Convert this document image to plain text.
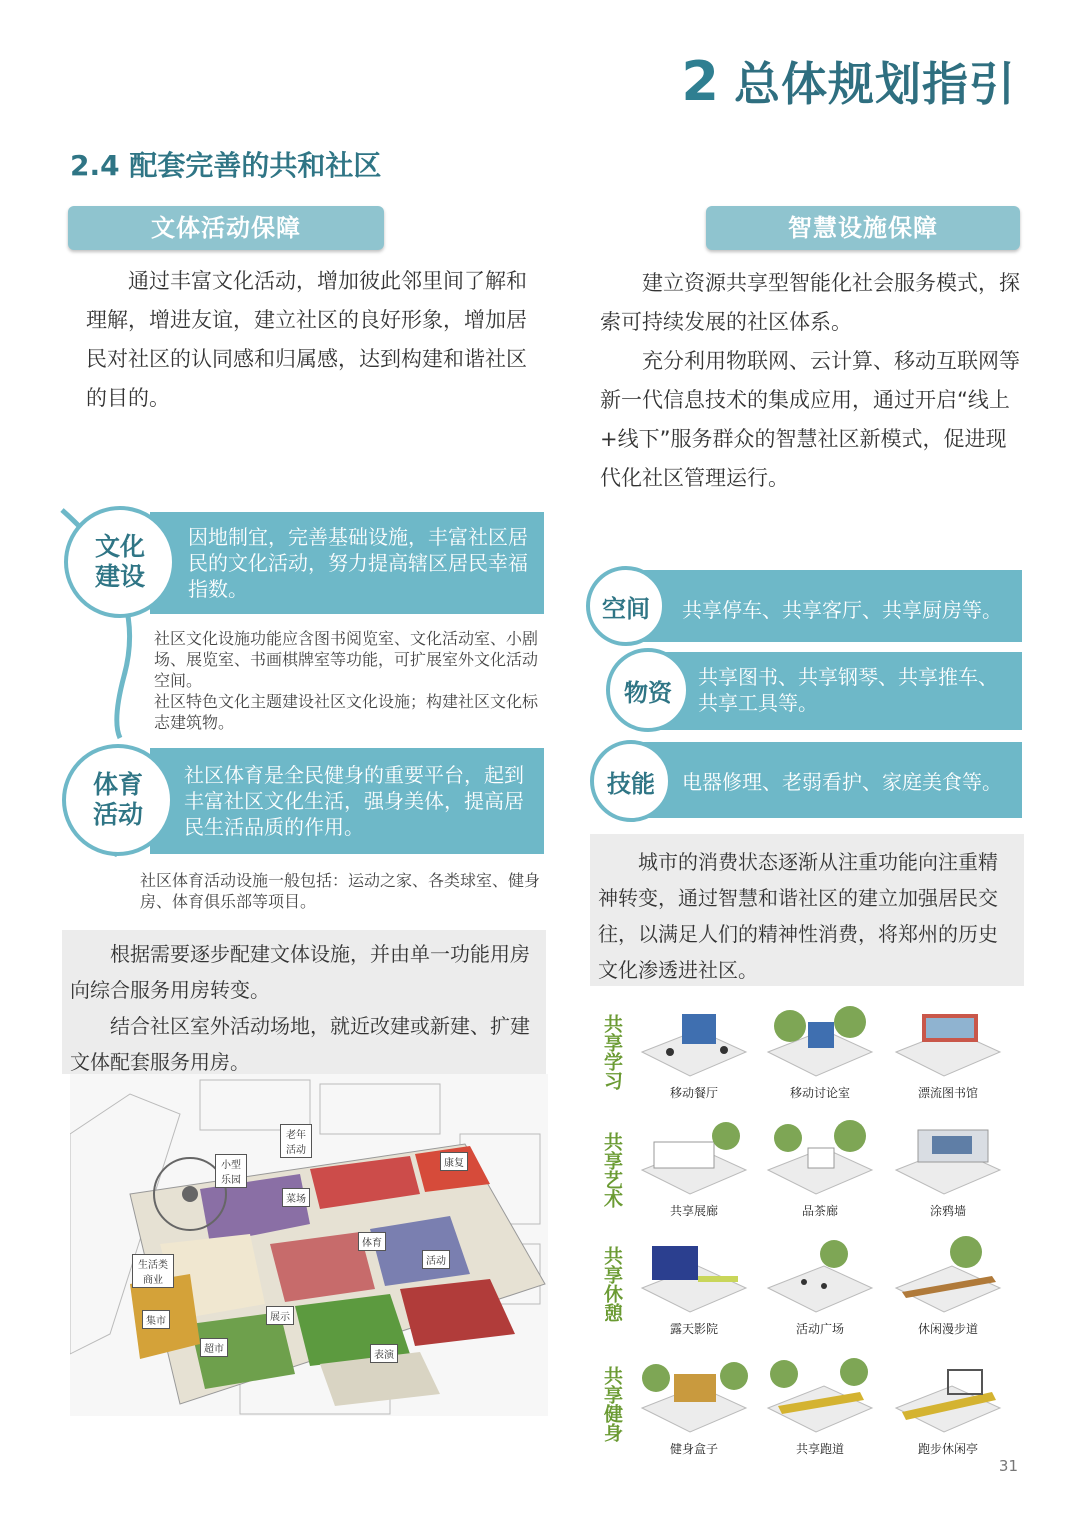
2 总体规划指引
2.4 配套完善的共和社区
文体活动保障

通过丰富文化活动，增加彼此邻里间了解和理解，增进友谊，建立社区的良好形象，增加居民对社区的认同感和归属感，达到构建和谐社区的目的。

因地制宜，完善基础设施，丰富社区居民的文化活动，努力提高辖区居民幸福指数。
文化
建设
社区文化设施功能应含图书阅览室、文化活动室、小剧场、展览室、书画棋牌室等功能，可扩展室外文化活动空间。
社区特色文化主题建设社区文化设施；构建社区文化标志建筑物。
社区体育是全民健身的重要平台，起到丰富社区文化生活，强身美体，提高居民生活品质的作用。
体育
活动
社区体育活动设施一般包括：运动之家、各类球室、健身房、体育俱乐部等项目。

根据需要逐步配建文体设施，并由单一功能用房向综合服务用房转变。

结合社区室外活动场地，就近改建或新建、扩建文体配套服务用房。

老年活动
小型乐园
康复
菜场
生活类商业
体育
活动
集市	展示
超市
表演
智慧设施保障

建立资源共享型智能化社会服务模式，探索可持续发展的社区体系。

充分利用物联网、云计算、移动互联网等新一代信息技术的集成应用，通过开启“线上+线下”服务群众的智慧社区新模式，促进现代化社区管理运行。

共享停车、共享客厅、共享厨房等。
空间
共享图书、共享钢琴、共享推车、共享工具等。
物资
电器修理、老弱看护、家庭美食等。
技能

城市的消费状态逐渐从注重功能向注重精神转变，通过智慧和谐社区的建立加强居民交往，以满足人们的精神性消费，将郑州的历史文化渗透进社区。

共享学习
移动餐厅	移动讨论室	漂流图书馆
共享艺术
共享展廊	品茶廊	涂鸦墙
共享休憩
露天影院	活动广场	休闲漫步道
共享健身
健身盒子	共享跑道	跑步休闲亭
31
